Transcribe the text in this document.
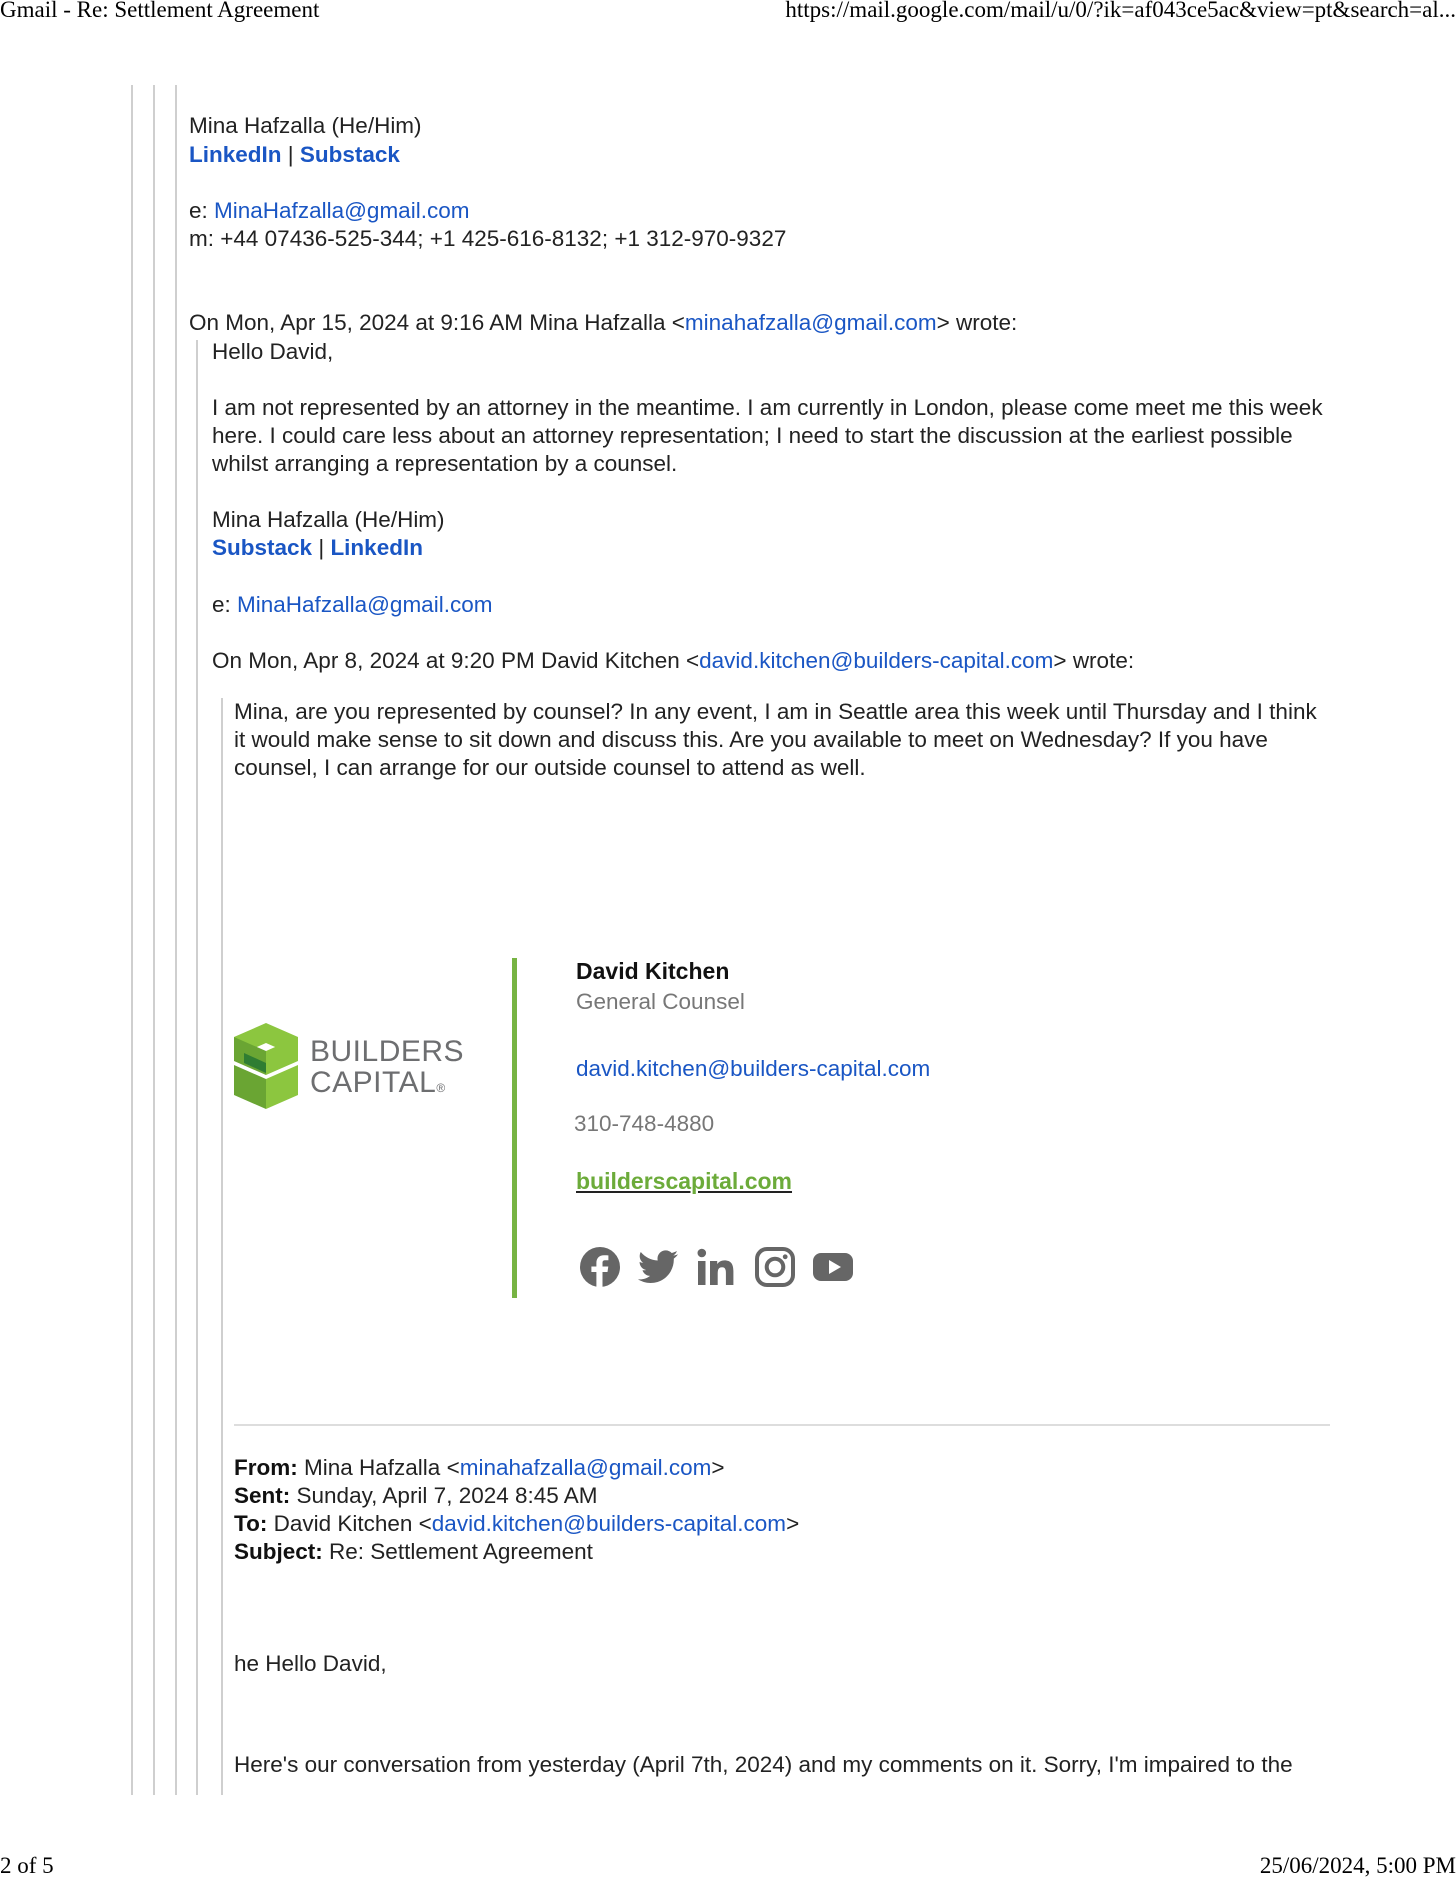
Gmail - Re: Settlement Agreement	https://mail.google.com/mail/u/0/?ik=af043ce5ac&view=pt&search=al...
2 of 5	25/06/2024, 5:00 PM
Mina Hafzalla (He/Him)
LinkedIn | Substack
e: MinaHafzalla@gmail.com
m: +44 07436-525-344; +1 425-616-8132; +1 312-970-9327
On Mon, Apr 15, 2024 at 9:16 AM Mina Hafzalla <minahafzalla@gmail.com> wrote:
Hello David,
I am not represented by an attorney in the meantime. I am currently in London, please come meet me this week here. I could care less about an attorney representation; I need to start the discussion at the earliest possible whilst arranging a representation by a counsel.
Mina Hafzalla (He/Him)
Substack | LinkedIn
e: MinaHafzalla@gmail.com
On Mon, Apr 8, 2024 at 9:20 PM David Kitchen <david.kitchen@builders-capital.com> wrote:
Mina, are you represented by counsel? In any event, I am in Seattle area this week until Thursday and I think it would make sense to sit down and discuss this. Are you available to meet on Wednesday? If you have counsel, I can arrange for our outside counsel to attend as well.
BUILDERS
CAPITAL®
David Kitchen
General Counsel
david.kitchen@builders-capital.com
310-748-4880
builderscapital.com
From: Mina Hafzalla <minahafzalla@gmail.com>
Sent: Sunday, April 7, 2024 8:45 AM
To: David Kitchen <david.kitchen@builders-capital.com>
Subject: Re: Settlement Agreement
he Hello David,
Here's our conversation from yesterday (April 7th, 2024) and my comments on it. Sorry, I'm impaired to the
